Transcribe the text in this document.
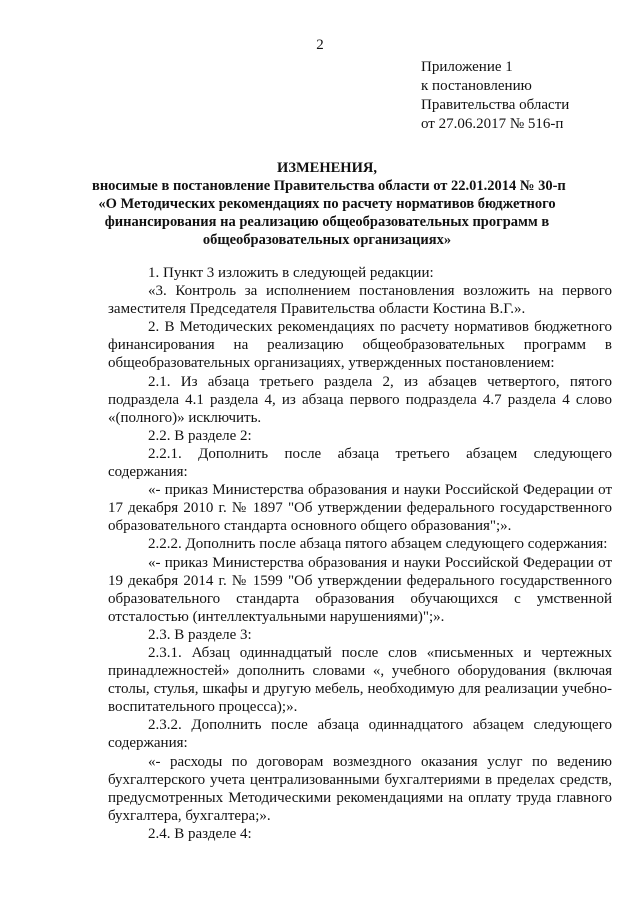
2
Приложение 1
к постановлению
Правительства области
от 27.06.2017 № 516-п
ИЗМЕНЕНИЯ,
вносимые в постановление Правительства области от 22.01.2014 № 30-п
«О Методических рекомендациях по расчету нормативов бюджетного
финансирования на реализацию общеобразовательных программ в
общеобразовательных организациях»

1. Пункт 3 изложить в следующей редакции:

«3. Контроль за исполнением постановления возложить на первого заместителя Председателя Правительства области Костина В.Г.».

2. В Методических рекомендациях по расчету нормативов бюджетного финансирования на реализацию общеобразовательных программ в общеобразовательных организациях, утвержденных постановлением:

2.1. Из абзаца третьего раздела 2, из абзацев четвертого, пятого подраздела 4.1 раздела 4, из абзаца первого подраздела 4.7 раздела 4 слово «(полного)» исключить.

2.2. В разделе 2:

2.2.1. Дополнить после абзаца третьего абзацем следующего содержания:

«- приказ Министерства образования и науки Российской Федерации от 17 декабря 2010 г. № 1897 "Об утверждении федерального государственного образовательного стандарта основного общего образования";».

2.2.2. Дополнить после абзаца пятого абзацем следующего содержания:

«- приказ Министерства образования и науки Российской Федерации от 19 декабря 2014 г. № 1599 "Об утверждении федерального государственного образовательного стандарта образования обучающихся с умственной отсталостью (интеллектуальными нарушениями)";».

2.3. В разделе 3:

2.3.1. Абзац одиннадцатый после слов «письменных и чертежных принадлежностей» дополнить словами «, учебного оборудования (включая столы, стулья, шкафы и другую мебель, необходимую для реализации учебно-воспитательного процесса);».

2.3.2. Дополнить после абзаца одиннадцатого абзацем следующего содержания:

«- расходы по договорам возмездного оказания услуг по ведению бухгалтерского учета централизованными бухгалтериями в пределах средств, предусмотренных Методическими рекомендациями на оплату труда главного бухгалтера, бухгалтера;».

2.4. В разделе 4:
